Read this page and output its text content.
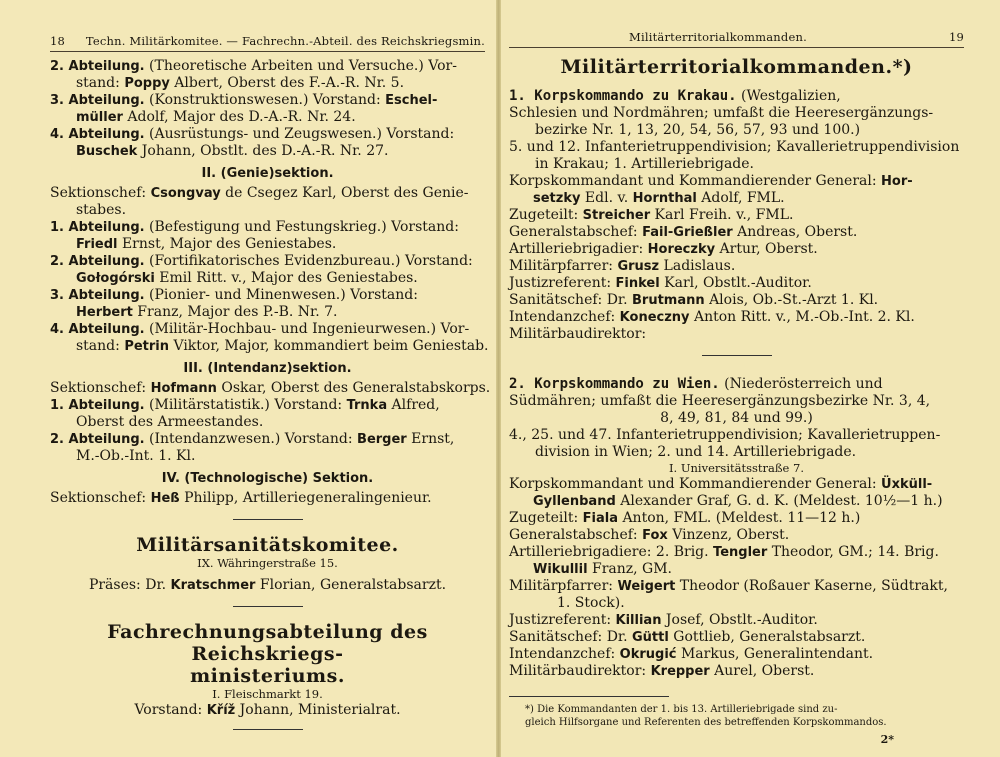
18 Techn. Militärkomitee. — Fachrechn.-Abteil. des Reichskriegsmin.
2. Abteilung. (Theoretische Arbeiten und Versuche.) Vor-
stand: Poppy Albert, Oberst des F.-A.-R. Nr. 5.
3. Abteilung. (Konstruktionswesen.) Vorstand: Eschel-
müller Adolf, Major des D.-A.-R. Nr. 24.
4. Abteilung. (Ausrüstungs- und Zeugswesen.) Vorstand:
Buschek Johann, Obstlt. des D.-A.-R. Nr. 27.
II. (Genie)sektion.
Sektionschef: Csongvay de Csegez Karl, Oberst des Genie-
stabes.
1. Abteilung. (Befestigung und Festungskrieg.) Vorstand:
Friedl Ernst, Major des Geniestabes.
2. Abteilung. (Fortifikatorisches Evidenzbureau.) Vorstand:
Gołogórski Emil Ritt. v., Major des Geniestabes.
3. Abteilung. (Pionier- und Minenwesen.) Vorstand:
Herbert Franz, Major des P.-B. Nr. 7.
4. Abteilung. (Militär-Hochbau- und Ingenieurwesen.) Vor-
stand: Petrin Viktor, Major, kommandiert beim Geniestab.
III. (Intendanz)sektion.
Sektionschef: Hofmann Oskar, Oberst des Generalstabskorps.
1. Abteilung. (Militärstatistik.) Vorstand: Trnka Alfred,
Oberst des Armeestandes.
2. Abteilung. (Intendanzwesen.) Vorstand: Berger Ernst,
M.-Ob.-Int. 1. Kl.
IV. (Technologische) Sektion.
Sektionschef: Heß Philipp, Artilleriegeneralingenieur.
Militärsanitätskomitee.
IX. Währingerstraße 15.
Präses: Dr. Kratschmer Florian, Generalstabsarzt.
Fachrechnungsabteilung des Reichskriegs-
ministeriums.
I. Fleischmarkt 19.
Vorstand: Kříž Johann, Ministerialrat.
Militärterritorialkommanden.	19
Militärterritorialkommanden.*)
1. Korpskommando zu Krakau. (Westgalizien,
Schlesien und Nordmähren; umfaßt die Heeresergänzungs-
bezirke Nr. 1, 13, 20, 54, 56, 57, 93 und 100.)
5. und 12. Infanterietruppendivision; Kavallerietruppendivision
in Krakau; 1. Artilleriebrigade.
Korpskommandant und Kommandierender General: Hor-
setzky Edl. v. Hornthal Adolf, FML.
Zugeteilt: Streicher Karl Freih. v., FML.
Generalstabschef: Fail-Grießler Andreas, Oberst.
Artilleriebrigadier: Horeczky Artur, Oberst.
Militärpfarrer: Grusz Ladislaus.
Justizreferent: Finkel Karl, Obstlt.-Auditor.
Sanitätschef: Dr. Brutmann Alois, Ob.-St.-Arzt 1. Kl.
Intendanzchef: Koneczny Anton Ritt. v., M.-Ob.-Int. 2. Kl.
Militärbaudirektor:
2. Korpskommando zu Wien. (Niederösterreich und
Südmähren; umfaßt die Heeresergänzungsbezirke Nr. 3, 4,
8, 49, 81, 84 und 99.)
4., 25. und 47. Infanterietruppendivision; Kavallerietruppen-
division in Wien; 2. und 14. Artilleriebrigade.
I. Universitätsstraße 7.
Korpskommandant und Kommandierender General: Üxküll-
Gyllenband Alexander Graf, G. d. K. (Meldest. 10½—1 h.)
Zugeteilt: Fiala Anton, FML. (Meldest. 11—12 h.)
Generalstabschef: Fox Vinzenz, Oberst.
Artilleriebrigadiere: 2. Brig. Tengler Theodor, GM.; 14. Brig.
Wikullil Franz, GM.
Militärpfarrer: Weigert Theodor (Roßauer Kaserne, Südtrakt,
1. Stock).
Justizreferent: Killian Josef, Obstlt.-Auditor.
Sanitätschef: Dr. Güttl Gottlieb, Generalstabsarzt.
Intendanzchef: Okrugić Markus, Generalintendant.
Militärbaudirektor: Krepper Aurel, Oberst.
*) Die Kommandanten der 1. bis 13. Artilleriebrigade sind zu-
gleich Hilfsorgane und Referenten des betreffenden Korpskommandos.
2*
